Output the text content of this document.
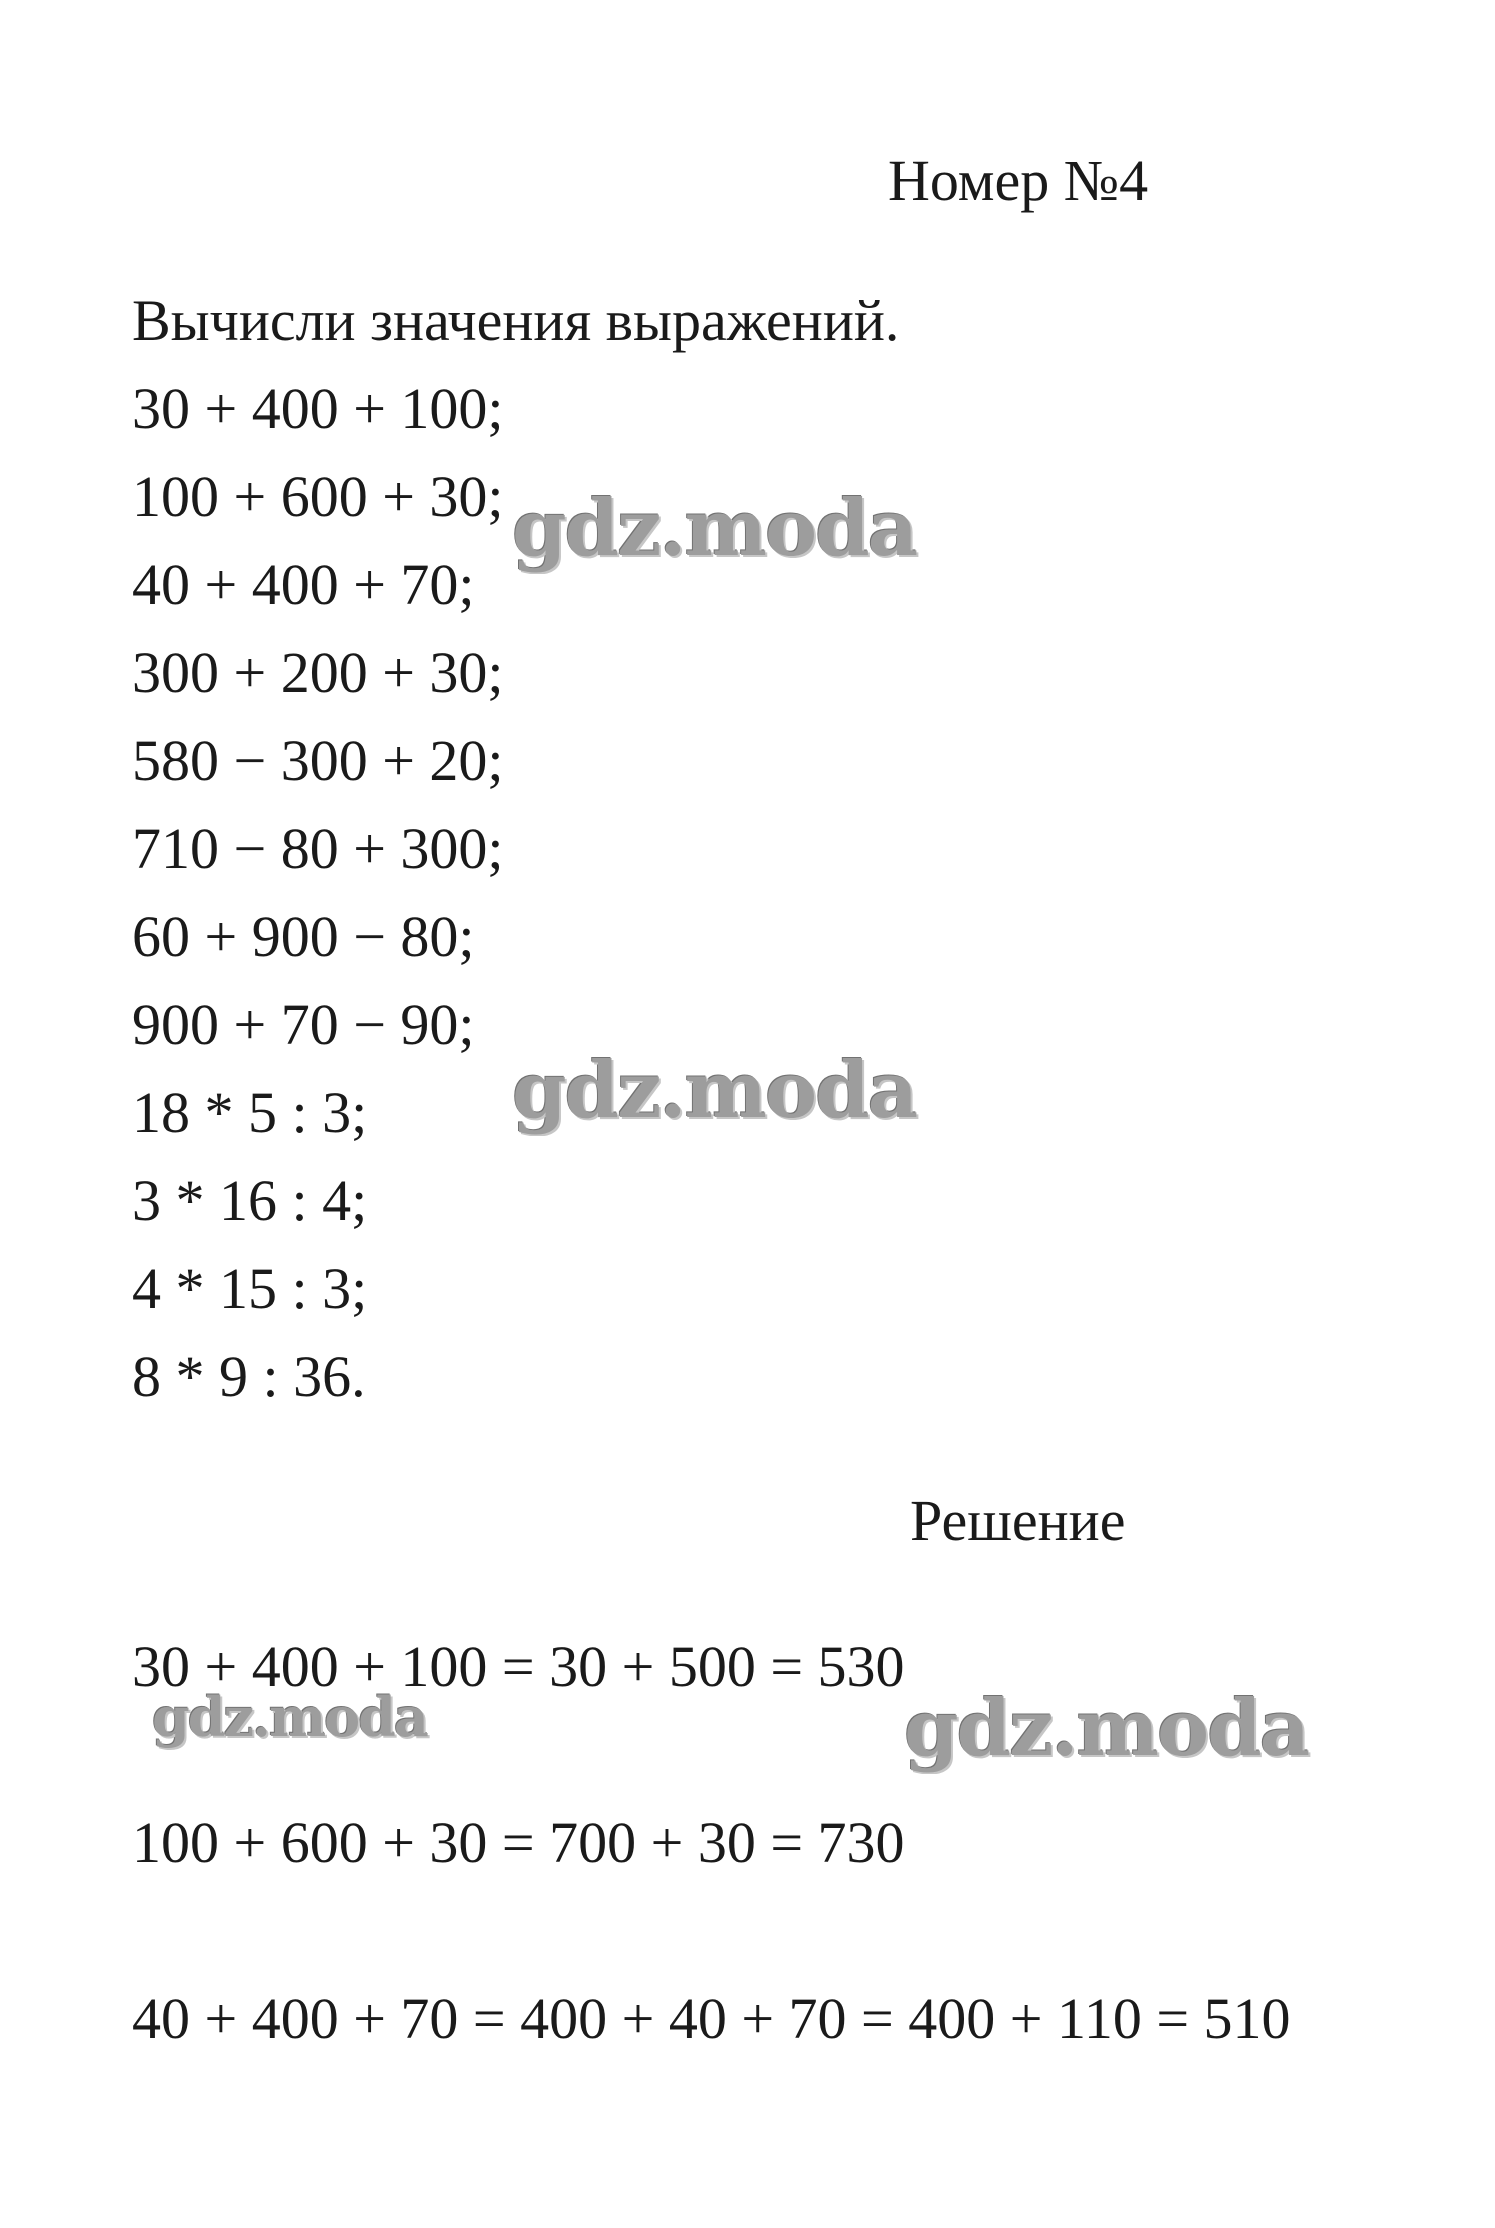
Номер №4
Вычисли значения выражений.
30 + 400 + 100;
100 + 600 + 30;
40 + 400 + 70;
300 + 200 + 30;
580 − 300 + 20;
710 − 80 + 300;
60 + 900 − 80;
900 + 70 − 90;
18 * 5 : 3;
3 * 16 : 4;
4 * 15 : 3;
8 * 9 : 36.
Решение
30 + 400 + 100 = 30 + 500 = 530
100 + 600 + 30 = 700 + 30 = 730
40 + 400 + 70 = 400 + 40 + 70 = 400 + 110 = 510
gdz.moda
gdz.moda
gdz.moda	gdz.moda
